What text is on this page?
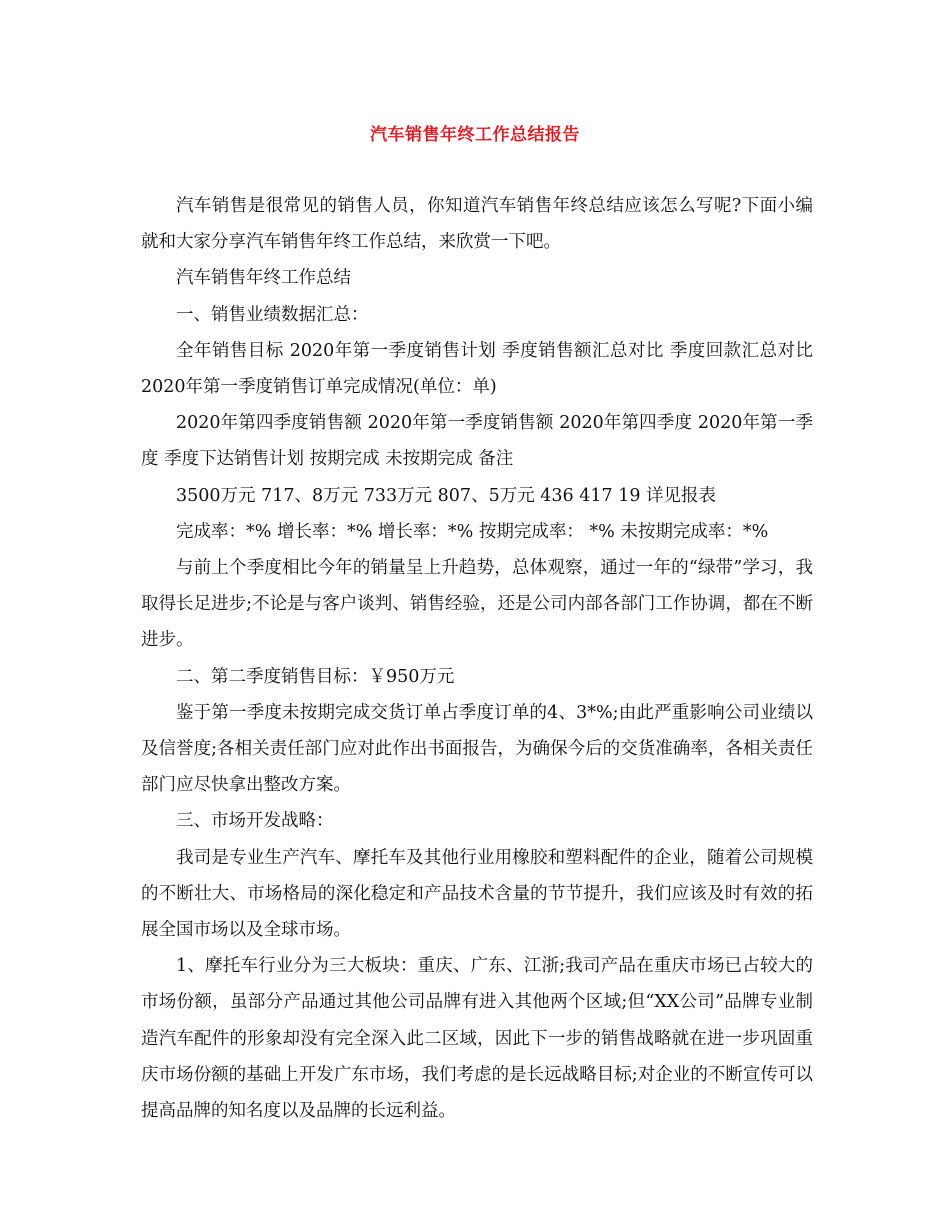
汽车销售年终工作总结报告

汽车销售是很常见的销售人员，你知道汽车销售年终总结应该怎么写呢?下面小编就和大家分享汽车销售年终工作总结，来欣赏一下吧。

汽车销售年终工作总结

一、销售业绩数据汇总：

全年销售目标 2020年第一季度销售计划 季度销售额汇总对比 季度回款汇总对比 2020年第一季度销售订单完成情况(单位：单)

2020年第四季度销售额 2020年第一季度销售额 2020年第四季度 2020年第一季度 季度下达销售计划 按期完成 未按期完成 备注

3500万元 717、8万元 733万元 807、5万元 436 417 19 详见报表

完成率：*% 增长率：*% 增长率：*% 按期完成率： *% 未按期完成率：*%

与前上个季度相比今年的销量呈上升趋势，总体观察，通过一年的“绿带”学习，我取得长足进步;不论是与客户谈判、销售经验，还是公司内部各部门工作协调，都在不断进步。

二、第二季度销售目标：￥950万元

鉴于第一季度未按期完成交货订单占季度订单的4、3*%;由此严重影响公司业绩以及信誉度;各相关责任部门应对此作出书面报告，为确保今后的交货准确率，各相关责任部门应尽快拿出整改方案。

三、市场开发战略：

我司是专业生产汽车、摩托车及其他行业用橡胶和塑料配件的企业，随着公司规模的不断壮大、市场格局的深化稳定和产品技术含量的节节提升，我们应该及时有效的拓展全国市场以及全球市场。

1、摩托车行业分为三大板块：重庆、广东、江浙;我司产品在重庆市场已占较大的市场份额，虽部分产品通过其他公司品牌有进入其他两个区域;但“XX公司”品牌专业制造汽车配件的形象却没有完全深入此二区域，因此下一步的销售战略就在进一步巩固重庆市场份额的基础上开发广东市场，我们考虑的是长远战略目标;对企业的不断宣传可以提高品牌的知名度以及品牌的长远利益。
